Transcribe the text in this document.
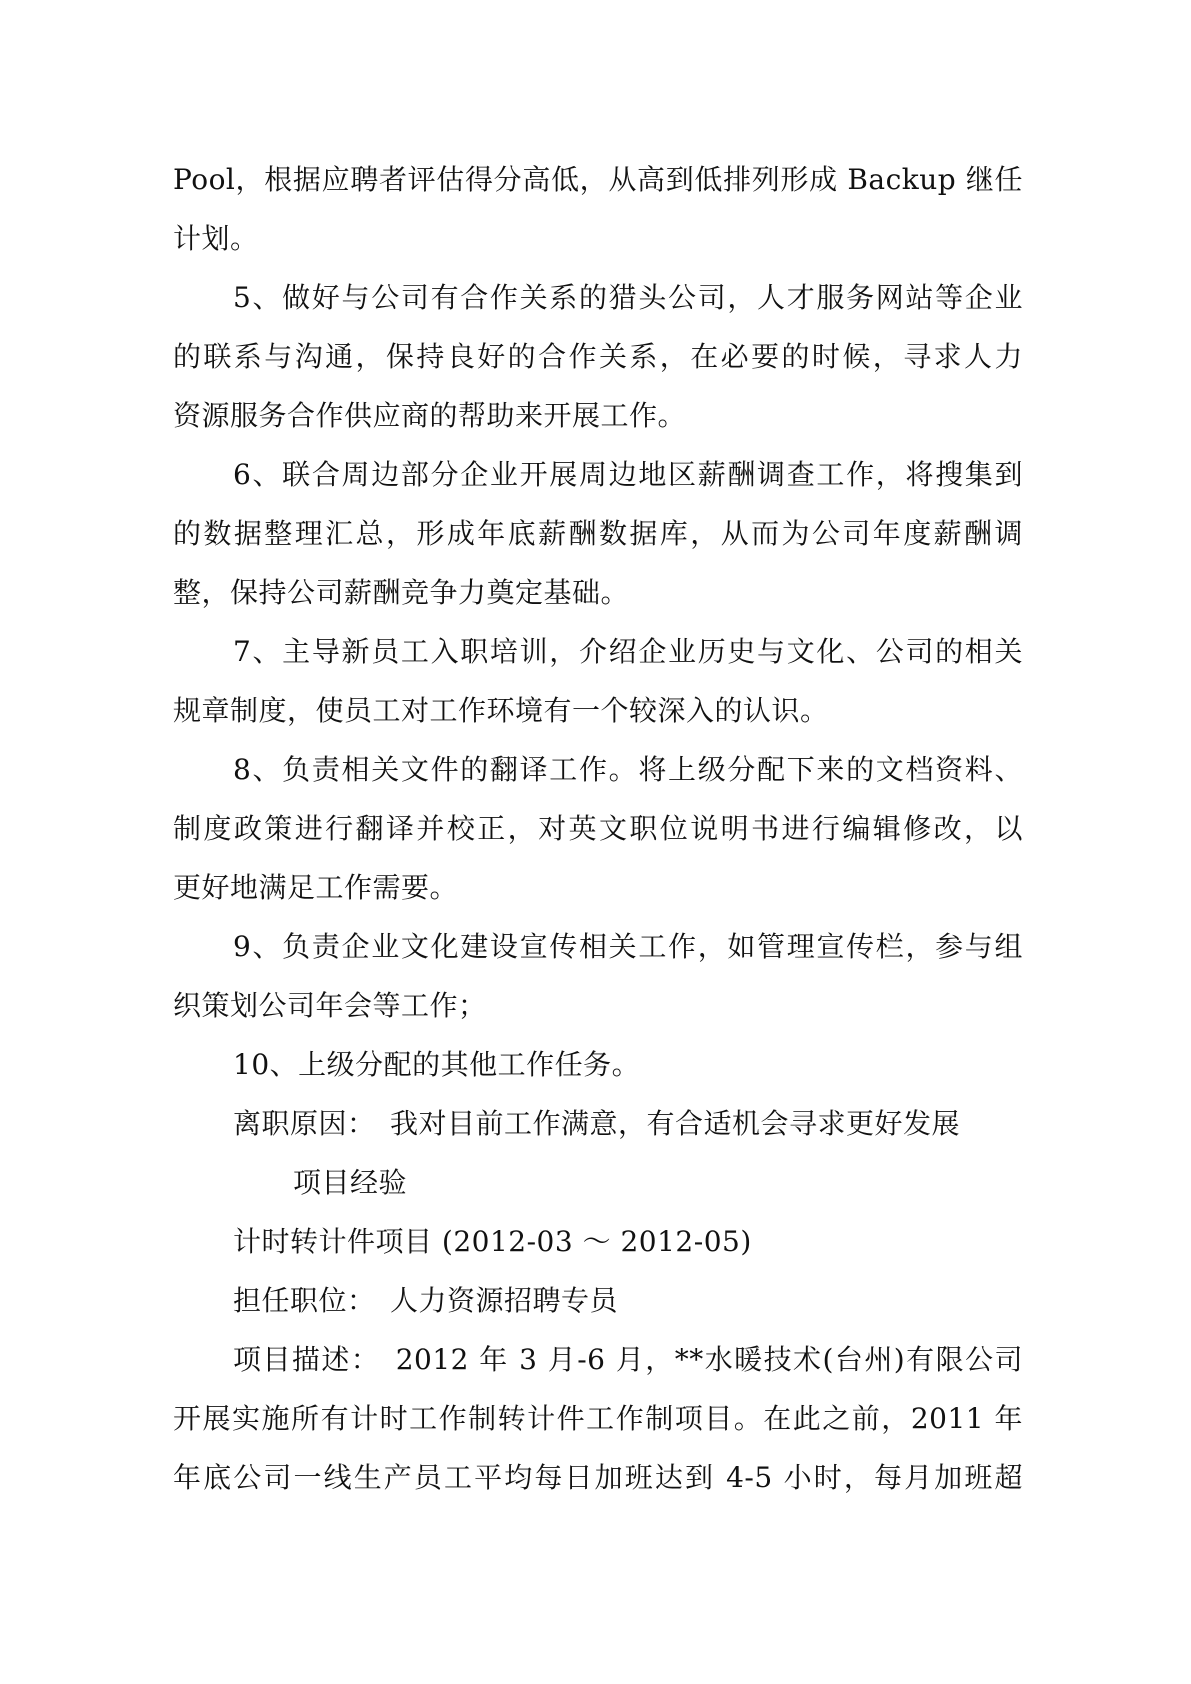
Pool，根据应聘者评估得分高低，从高到低排列形成 Backup 继任
计划。
5、做好与公司有合作关系的猎头公司，人才服务网站等企业
的联系与沟通，保持良好的合作关系，在必要的时候，寻求人力
资源服务合作供应商的帮助来开展工作。
6、联合周边部分企业开展周边地区薪酬调查工作，将搜集到
的数据整理汇总，形成年底薪酬数据库，从而为公司年度薪酬调
整，保持公司薪酬竞争力奠定基础。
7、主导新员工入职培训，介绍企业历史与文化、公司的相关
规章制度，使员工对工作环境有一个较深入的认识。
8、负责相关文件的翻译工作。将上级分配下来的文档资料、
制度政策进行翻译并校正，对英文职位说明书进行编辑修改，以
更好地满足工作需要。
9、负责企业文化建设宣传相关工作，如管理宣传栏，参与组
织策划公司年会等工作；
10、上级分配的其他工作任务。
离职原因：　我对目前工作满意，有合适机会寻求更好发展
项目经验
计时转计件项目 (2012-03 ～ 2012-05)
担任职位：　人力资源招聘专员
项目描述：　2012 年 3 月-6 月，**水暖技术(台州)有限公司
开展实施所有计时工作制转计件工作制项目。在此之前，2011 年
年底公司一线生产员工平均每日加班达到 4-5 小时，每月加班超
